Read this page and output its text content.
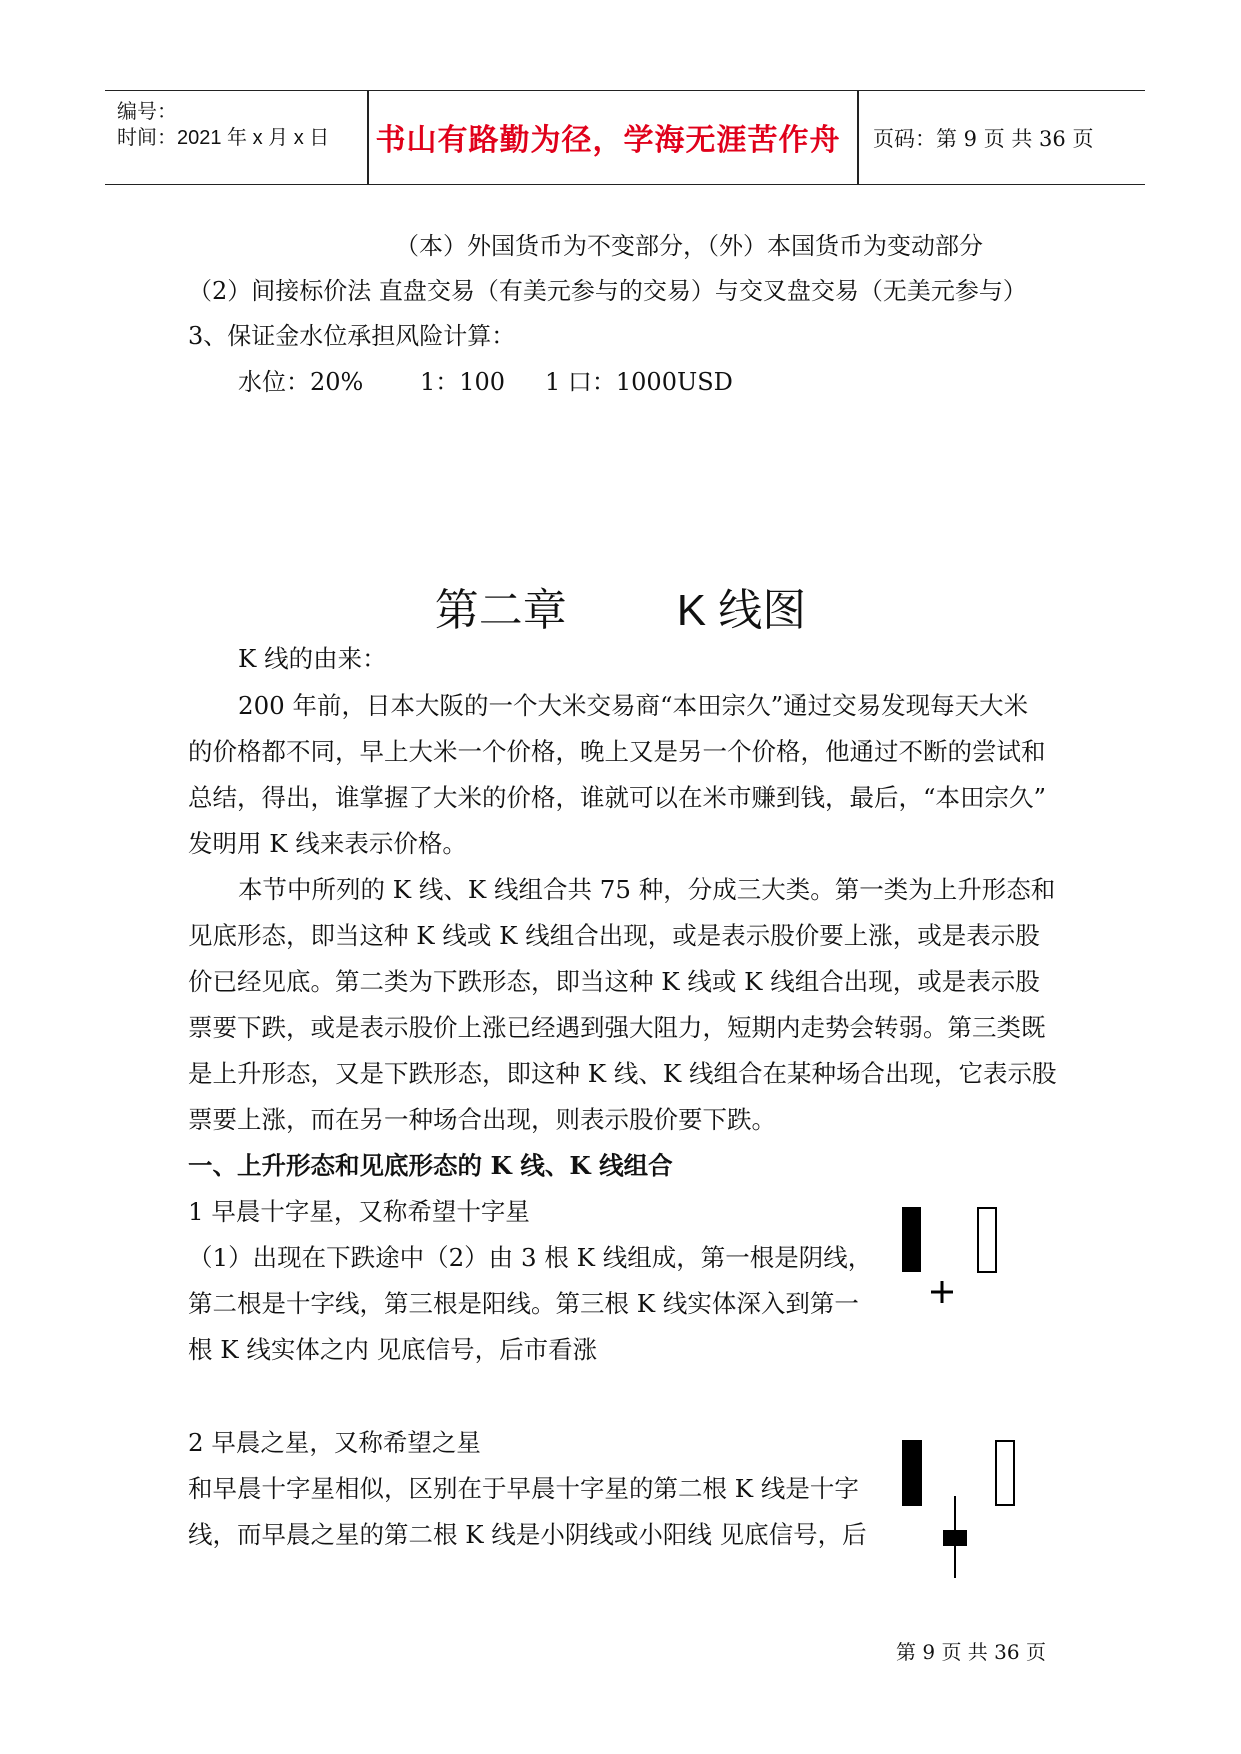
编号：
时间：2021 年 x 月 x 日	书山有路勤为径，学海无涯苦作舟	页码：第 9 页 共 36 页
（本）外国货币为不变部分，（外）本国货币为变动部分
（2）间接标价法 直盘交易（有美元参与的交易）与交叉盘交易（无美元参与）
3、保证金水位承担风险计算：
水位：20% 1：100 1 口：1000USD
第二章	K 线图
K 线的由来：
200 年前，日本大阪的一个大米交易商“本田宗久”通过交易发现每天大米
的价格都不同，早上大米一个价格，晚上又是另一个价格，他通过不断的尝试和
总结，得出，谁掌握了大米的价格，谁就可以在米市赚到钱，最后，“本田宗久”
发明用 K 线来表示价格。
本节中所列的 K 线、K 线组合共 75 种，分成三大类。第一类为上升形态和
见底形态，即当这种 K 线或 K 线组合出现，或是表示股价要上涨，或是表示股
价已经见底。第二类为下跌形态，即当这种 K 线或 K 线组合出现，或是表示股
票要下跌，或是表示股价上涨已经遇到强大阻力，短期内走势会转弱。第三类既
是上升形态，又是下跌形态，即这种 K 线、K 线组合在某种场合出现，它表示股
票要上涨，而在另一种场合出现，则表示股价要下跌。
一、上升形态和见底形态的 K 线、K 线组合
1 早晨十字星，又称希望十字星
（1）出现在下跌途中（2）由 3 根 K 线组成，第一根是阴线，
第二根是十字线，第三根是阳线。第三根 K 线实体深入到第一
根 K 线实体之内 见底信号，后市看涨
2 早晨之星，又称希望之星
和早晨十字星相似，区别在于早晨十字星的第二根 K 线是十字
线，而早晨之星的第二根 K 线是小阴线或小阳线 见底信号，后
第 9 页 共 36 页
